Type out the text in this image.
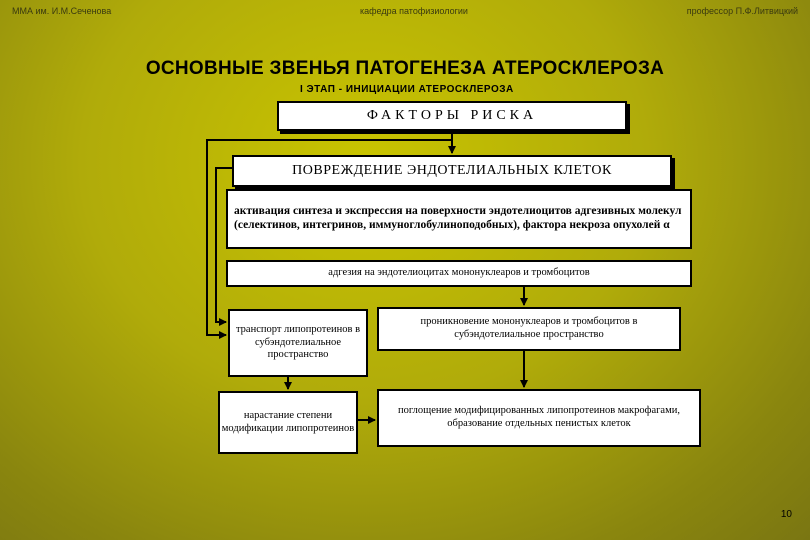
ММА им. И.М.Сеченова	кафедра патофизиологии	профессор П.Ф.Литвицкий
ОСНОВНЫЕ ЗВЕНЬЯ ПАТОГЕНЕЗА АТЕРОСКЛЕРОЗА
I ЭТАП - ИНИЦИАЦИИ АТЕРОСКЛЕРОЗА
ФАКТОРЫ РИСКА
ПОВРЕЖДЕНИЕ ЭНДОТЕЛИАЛЬНЫХ КЛЕТОК
активация синтеза и экспрессия на поверхности эндотелиоцитов адгезивных молекул (селектинов, интегринов, иммуноглобулиноподобных), фактора некроза опухолей α
адгезия на эндотелиоцитах мононуклеаров и тромбоцитов
транспорт липопротеинов в субэндотелиальное пространство
проникновение мононуклеаров и тромбоцитов в субэндотелиальное пространство
нарастание степени модификации липопротеинов
поглощение модифицированных липопротеинов макрофагами, образование отдельных пенистых клеток
10
